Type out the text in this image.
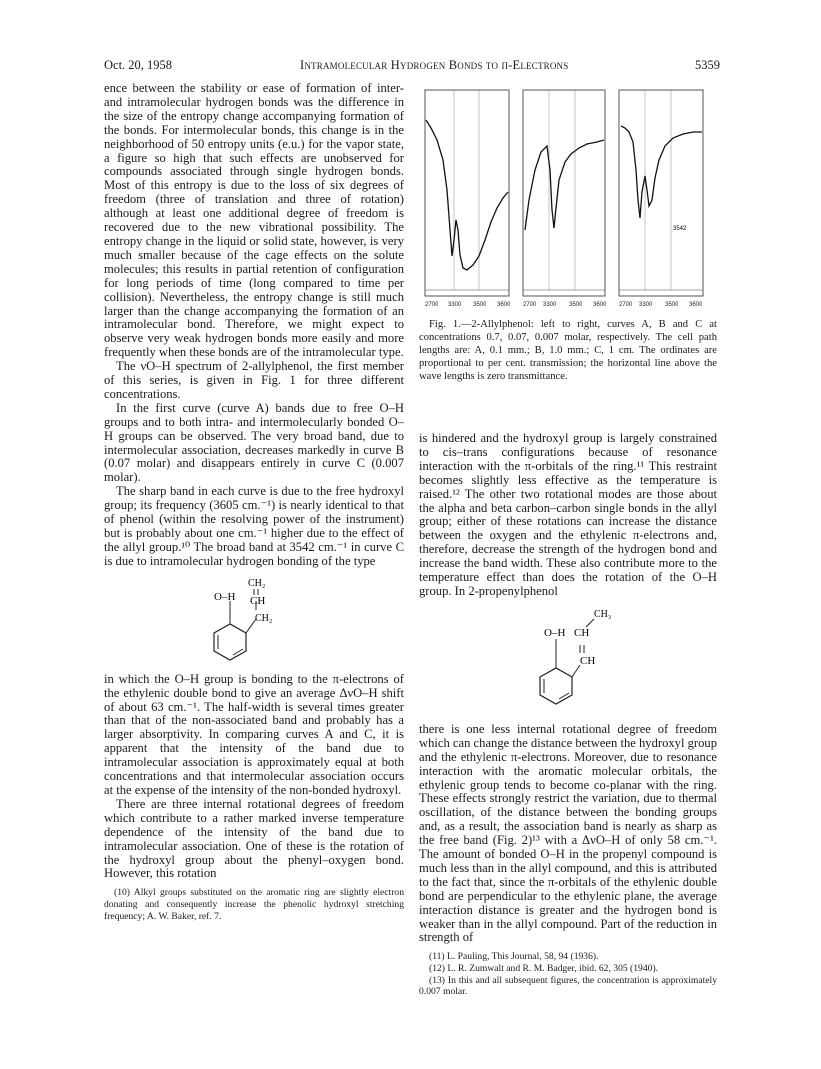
Oct. 20, 1958	Intramolecular Hydrogen Bonds to π-Electrons	5359

ence between the stability or ease of formation of inter- and intramolecular hydrogen bonds was the difference in the size of the entropy change accompanying formation of the bonds. For intermolecular bonds, this change is in the neighborhood of 50 entropy units (e.u.) for the vapor state, a figure so high that such effects are unobserved for compounds associated through single hydrogen bonds. Most of this entropy is due to the loss of six degrees of freedom (three of translation and three of rotation) although at least one additional degree of freedom is recovered due to the new vibrational possibility. The entropy change in the liquid or solid state, however, is very much smaller because of the cage effects on the solute molecules; this results in partial retention of configuration for long periods of time (long compared to time per collision). Nevertheless, the entropy change is still much larger than the change accompanying the formation of an intramolecular bond. Therefore, we might expect to observe very weak hydrogen bonds more easily and more frequently when these bonds are of the intramolecular type.

The νO–H spectrum of 2-allylphenol, the first member of this series, is given in Fig. 1 for three different concentrations.

In the first curve (curve A) bands due to free O–H groups and to both intra- and intermolecularly bonded O–H groups can be observed. The very broad band, due to intermolecular association, decreases markedly in curve B (0.07 molar) and disappears entirely in curve C (0.007 molar).

The sharp band in each curve is due to the free hydroxyl group; its frequency (3605 cm.⁻¹) is nearly identical to that of phenol (within the resolving power of the instrument) but is probably about one cm.⁻¹ higher due to the effect of the allyl group.¹⁰ The broad band at 3542 cm.⁻¹ in curve C is due to intramolecular hydrogen bonding of the type

CH₂
O–H CH
CH₂

in which the O–H group is bonding to the π-electrons of the ethylenic double bond to give an average ΔνO–H shift of about 63 cm.⁻¹. The half-width is several times greater than that of the non-associated band and probably has a larger absorptivity. In comparing curves A and C, it is apparent that the intensity of the band due to intramolecular association is approximately equal at both concentrations and that intermolecular association occurs at the expense of the intensity of the non-bonded hydroxyl.

There are three internal rotational degrees of freedom which contribute to a rather marked inverse temperature dependence of the intensity of the band due to intramolecular association. One of these is the rotation of the hydroxyl group about the phenyl–oxygen bond. However, this rotation

(10) Alkyl groups substituted on the aromatic ring are slightly electron donating and consequently increase the phenolic hydroxyl stretching frequency; A. W. Baker, ref. 7.

3542
2700 3300 3500 3600 2700 3300 3500 3600 2700 3300 3500 3600

Fig. 1.—2-Allylphenol: left to right, curves A, B and C at concentrations 0.7, 0.07, 0.007 molar, respectively. The cell path lengths are: A, 0.1 mm.; B, 1.0 mm.; C, 1 cm. The ordinates are proportional to per cent. transmission; the horizontal line above the wave lengths is zero transmittance.

is hindered and the hydroxyl group is largely constrained to cis–trans configurations because of resonance interaction with the π-orbitals of the ring.¹¹ This restraint becomes slightly less effective as the temperature is raised.¹² The other two rotational modes are those about the alpha and beta carbon–carbon single bonds in the allyl group; either of these rotations can increase the distance between the oxygen and the ethylenic π-electrons and, therefore, decrease the strength of the hydrogen bond and increase the band width. These also contribute more to the temperature effect than does the rotation of the O–H group. In 2-propenylphenol

CH₃
O–H CH
CH

there is one less internal rotational degree of freedom which can change the distance between the hydroxyl group and the ethylenic π-electrons. Moreover, due to resonance interaction with the aromatic molecular orbitals, the ethylenic group tends to become co-planar with the ring. These effects strongly restrict the variation, due to thermal oscillation, of the distance between the bonding groups and, as a result, the association band is nearly as sharp as the free band (Fig. 2)¹³ with a ΔνO–H of only 58 cm.⁻¹. The amount of bonded O–H in the propenyl compound is much less than in the allyl compound, and this is attributed to the fact that, since the π-orbitals of the ethylenic double bond are perpendicular to the ethylenic plane, the average interaction distance is greater and the hydrogen bond is weaker than in the allyl compound. Part of the reduction in strength of

(11) L. Pauling, This Journal, 58, 94 (1936).

(12) L. R. Zumwalt and R. M. Badger, ibid. 62, 305 (1940).

(13) In this and all subsequent figures, the concentration is approximately 0.007 molar.
